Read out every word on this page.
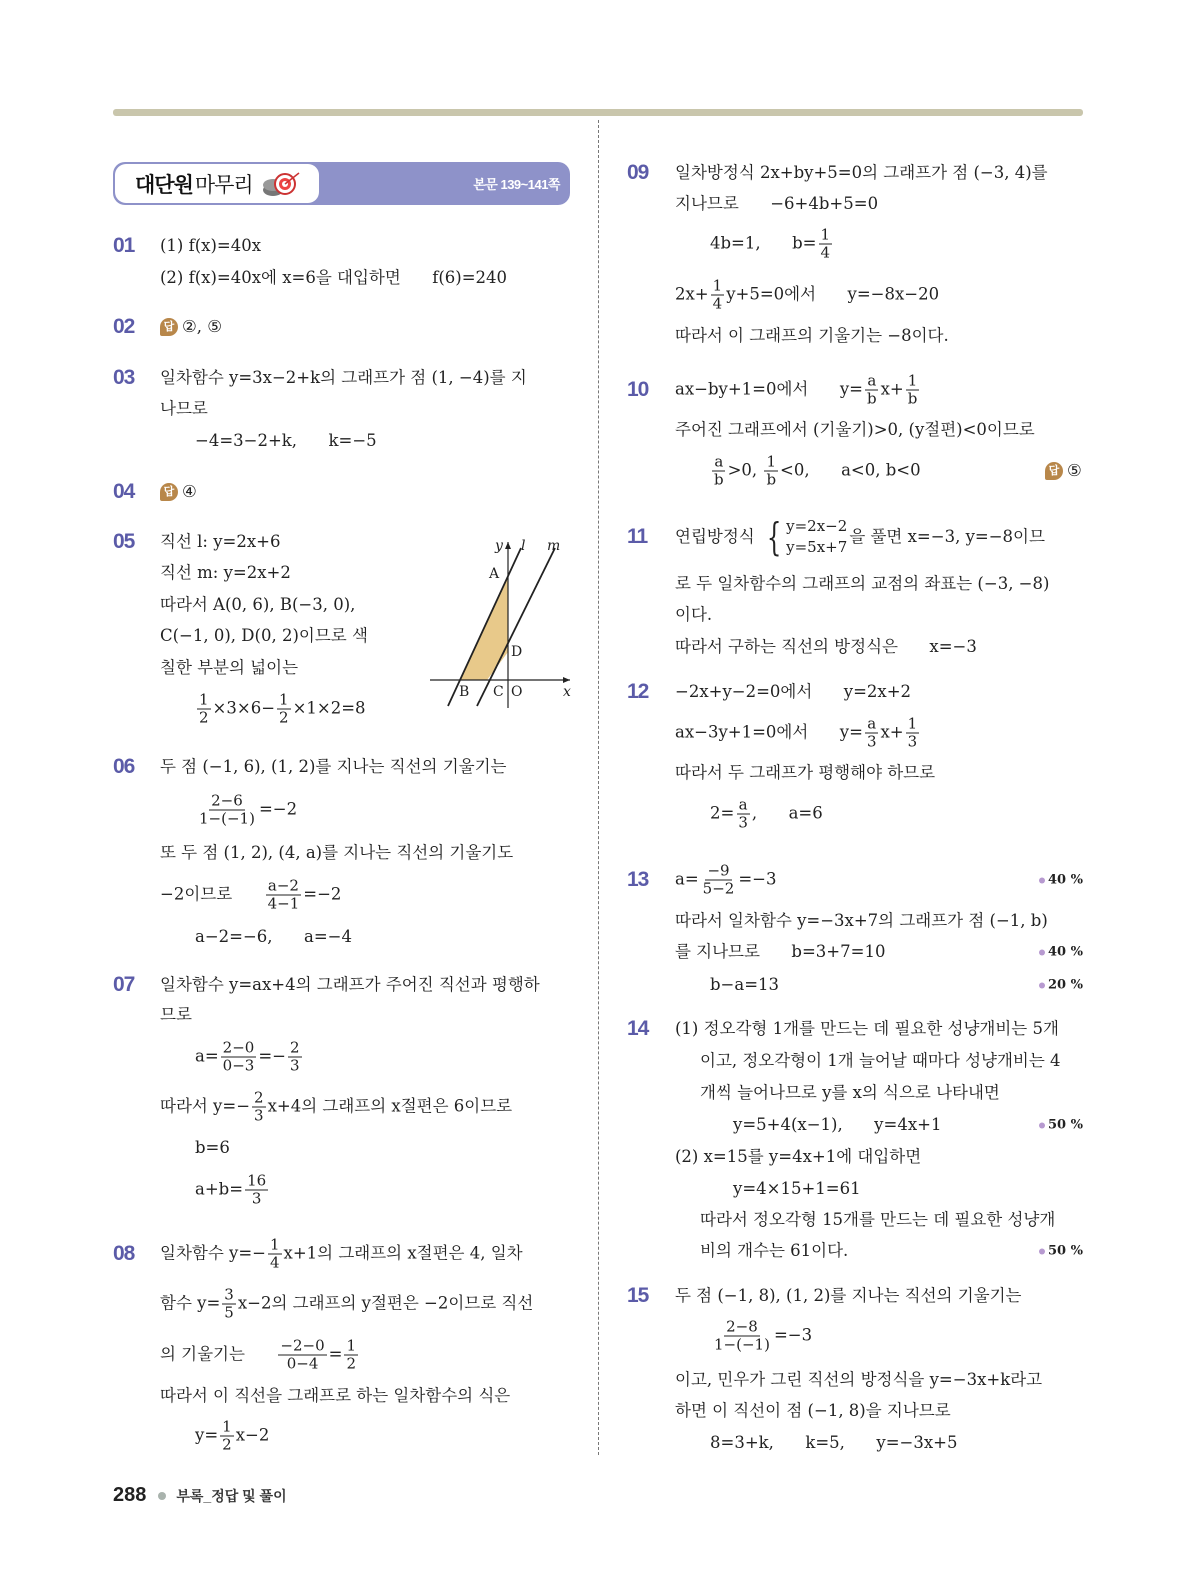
대단원 마무리	본문 139~141쪽
01 (1) f(x)=40x
(2) f(x)=40x에 x=6을 대입하면      f(6)=240
02	답 ②, ⑤
03 일차함수 y=3x−2+k의 그래프가 점 (1, −4)를 지
나므로
−4=3−2+k,      k=−5
04	답 ④
05 직선 l: y=2x+6
직선 m: y=2x+2
따라서 A(0, 6), B(−3, 0),
C(−1, 0), D(0, 2)이므로 색
칠한 부분의 넓이는
$\frac{1}{2} \times 3\times 6- \frac{1}{2} \times 1\times 2=8$
06 두 점 (−1, 6), (1, 2)를 지나는 직선의 기울기는
$\frac{2-6}{1-(-1)} =-2$
또 두 점 (1, 2), (4, a)를 지나는 직선의 기울기도
−2이므로 $\frac{a-2}{4-1} =-2$
a−2=−6,      a=−4
07 일차함수 y=ax+4의 그래프가 주어진 직선과 평행하
므로
$a= \frac{2-0}{0-3} =- \frac{2}{3}$
따라서 $y=- \frac{2}{3} x+4$의 그래프의 x절편은 6이므로
b=6
$a+b= \frac{16}{3}$
08 일차함수 $y=- \frac{1}{4} x+1$의 그래프의 x절편은 4, 일차
함수 $y= \frac{3}{5} x-2$의 그래프의 y절편은 −2이므로 직선
의 기울기는 $\frac{-2-0}{0-4} = \frac{1}{2}$
따라서 이 직선을 그래프로 하는 일차함수의 식은
$y= \frac{1}{2} x-2$
09 일차방정식 2x+by+5=0의 그래프가 점 (−3, 4)를
지나므로      −6+4b+5=0
4b=1,      $b= \frac{1}{4}$
$2x+ \frac{1}{4} y+5=0$에서      y=−8x−20
따라서 이 그래프의 기울기는 −8이다.
10 ax−by+1=0에서      $y= \frac{a}{b} x+ \frac{1}{b}$
주어진 그래프에서 (기울기)>0, (y절편)<0이므로
$\frac{a}{b} >0$, $\frac{1}{b} <0$,      a<0, b<0	답 ⑤
11 연립방정식 { y=2x−2
y=5x+7
을 풀면 x=−3, y=−8이므
로 두 일차함수의 그래프의 교점의 좌표는 (−3, −8)
이다.
따라서 구하는 직선의 방정식은      x=−3
12 −2x+y−2=0에서      y=2x+2
ax−3y+1=0에서      $y= \frac{a}{3} x+ \frac{1}{3}$
따라서 두 그래프가 평행해야 하므로
$2= \frac{a}{3}$ ,      a=6
13 $a= \frac{-9}{5-2} =-3$	40 %
따라서 일차함수 y=−3x+7의 그래프가 점 (−1, b)
를 지나므로      b=3+7=10	40 %
b−a=13	20 %
14 (1) 정오각형 1개를 만드는 데 필요한 성냥개비는 5개
이고, 정오각형이 1개 늘어날 때마다 성냥개비는 4
개씩 늘어나므로 y를 x의 식으로 나타내면
y=5+4(x−1),      y=4x+1	50 %
(2) x=15를 y=4x+1에 대입하면
y=4×15+1=61
따라서 정오각형 15개를 만드는 데 필요한 성냥개
비의 개수는 61이다.	50 %
15 두 점 (−1, 8), (1, 2)를 지나는 직선의 기울기는
$\frac{2-8}{1-(-1)} =-3$
이고, 민우가 그린 직선의 방정식을 y=−3x+k라고
하면 이 직선이 점 (−1, 8)을 지나므로
8=3+k,      k=5,      y=−3x+5
y l m
A
D
B C O	x
288 부록_정답 및 풀이
